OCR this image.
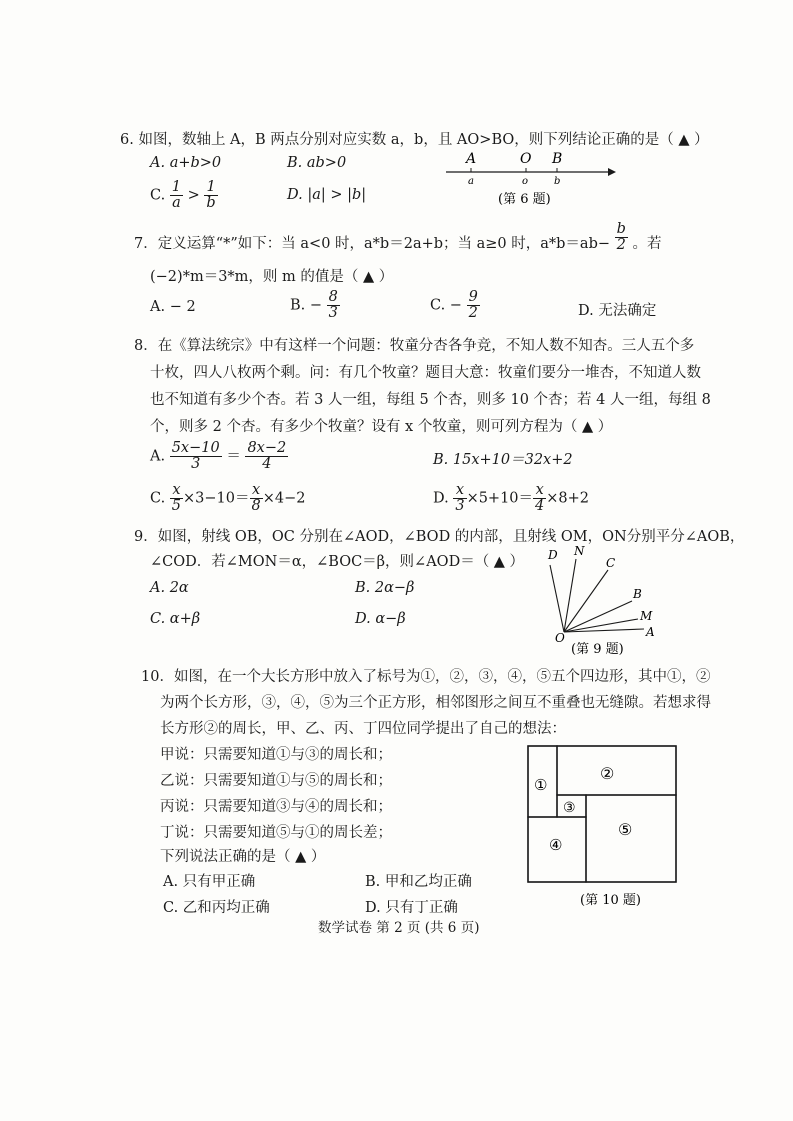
6. 如图，数轴上 A，B 两点分别对应实数 a，b，且 AO>BO，则下列结论正确的是（ ▲ ）
A. a+b>0	B. ab>0
C. $\frac{1}{a} > \frac{1}{b}$	D. |a| > |b|
A	O B
a	o	b
(第 6 题)
7．定义运算“*”如下：当 a<0 时，a*b＝2a+b；当 a≥0 时，$a*b=ab- \frac{b}{2}$ 。若
(−2)*m＝3*m，则 m 的值是（ ▲ ）
A. − 2	B. − $\frac{8}{3}$	C. − $\frac{9}{2}$	D. 无法确定
8．在《算法统宗》中有这样一个问题：牧童分杏各争竞，不知人数不知杏。三人五个多
十枚，四人八枚两个剩。问：有几个牧童？题目大意：牧童们要分一堆杏，不知道人数
也不知道有多少个杏。若 3 人一组，每组 5 个杏，则多 10 个杏；若 4 人一组，每组 8
个，则多 2 个杏。有多少个牧童？设有 x 个牧童，则可列方程为（ ▲ ）
A. $\frac{5x-10}{3} = \frac{8x-2}{4}$	B. 15x+10＝32x+2
C. $\frac{x}{5} \times 3-10= \frac{x}{8} \times 4-2$	D. $\frac{x}{3} \times 5+10= \frac{x}{4} \times 8+2$
9．如图，射线 OB，OC 分别在∠AOD，∠BOD 的内部，且射线 OM，ON分别平分∠AOB，
∠COD．若∠MON＝α，∠BOC＝β，则∠AOD＝（ ▲ ）
A. 2α	B. 2α−β
C. α+β	D. α−β
D N
C
B
M
A
O
(第 9 题)
10．如图，在一个大长方形中放入了标号为①，②，③，④，⑤五个四边形，其中①，②
为两个长方形，③，④，⑤为三个正方形，相邻图形之间互不重叠也无缝隙。若想求得
长方形②的周长，甲、乙、丙、丁四位同学提出了自己的想法：
甲说：只需要知道①与③的周长和；
乙说：只需要知道①与⑤的周长和；
丙说：只需要知道③与④的周长和；
丁说：只需要知道⑤与①的周长差；
下列说法正确的是（ ▲ ）
A. 只有甲正确	B. 甲和乙均正确
C. 乙和丙均正确	D. 只有丁正确
①
②
③
④
⑤
(第 10 题)
数学试卷 第 2 页 (共 6 页)
